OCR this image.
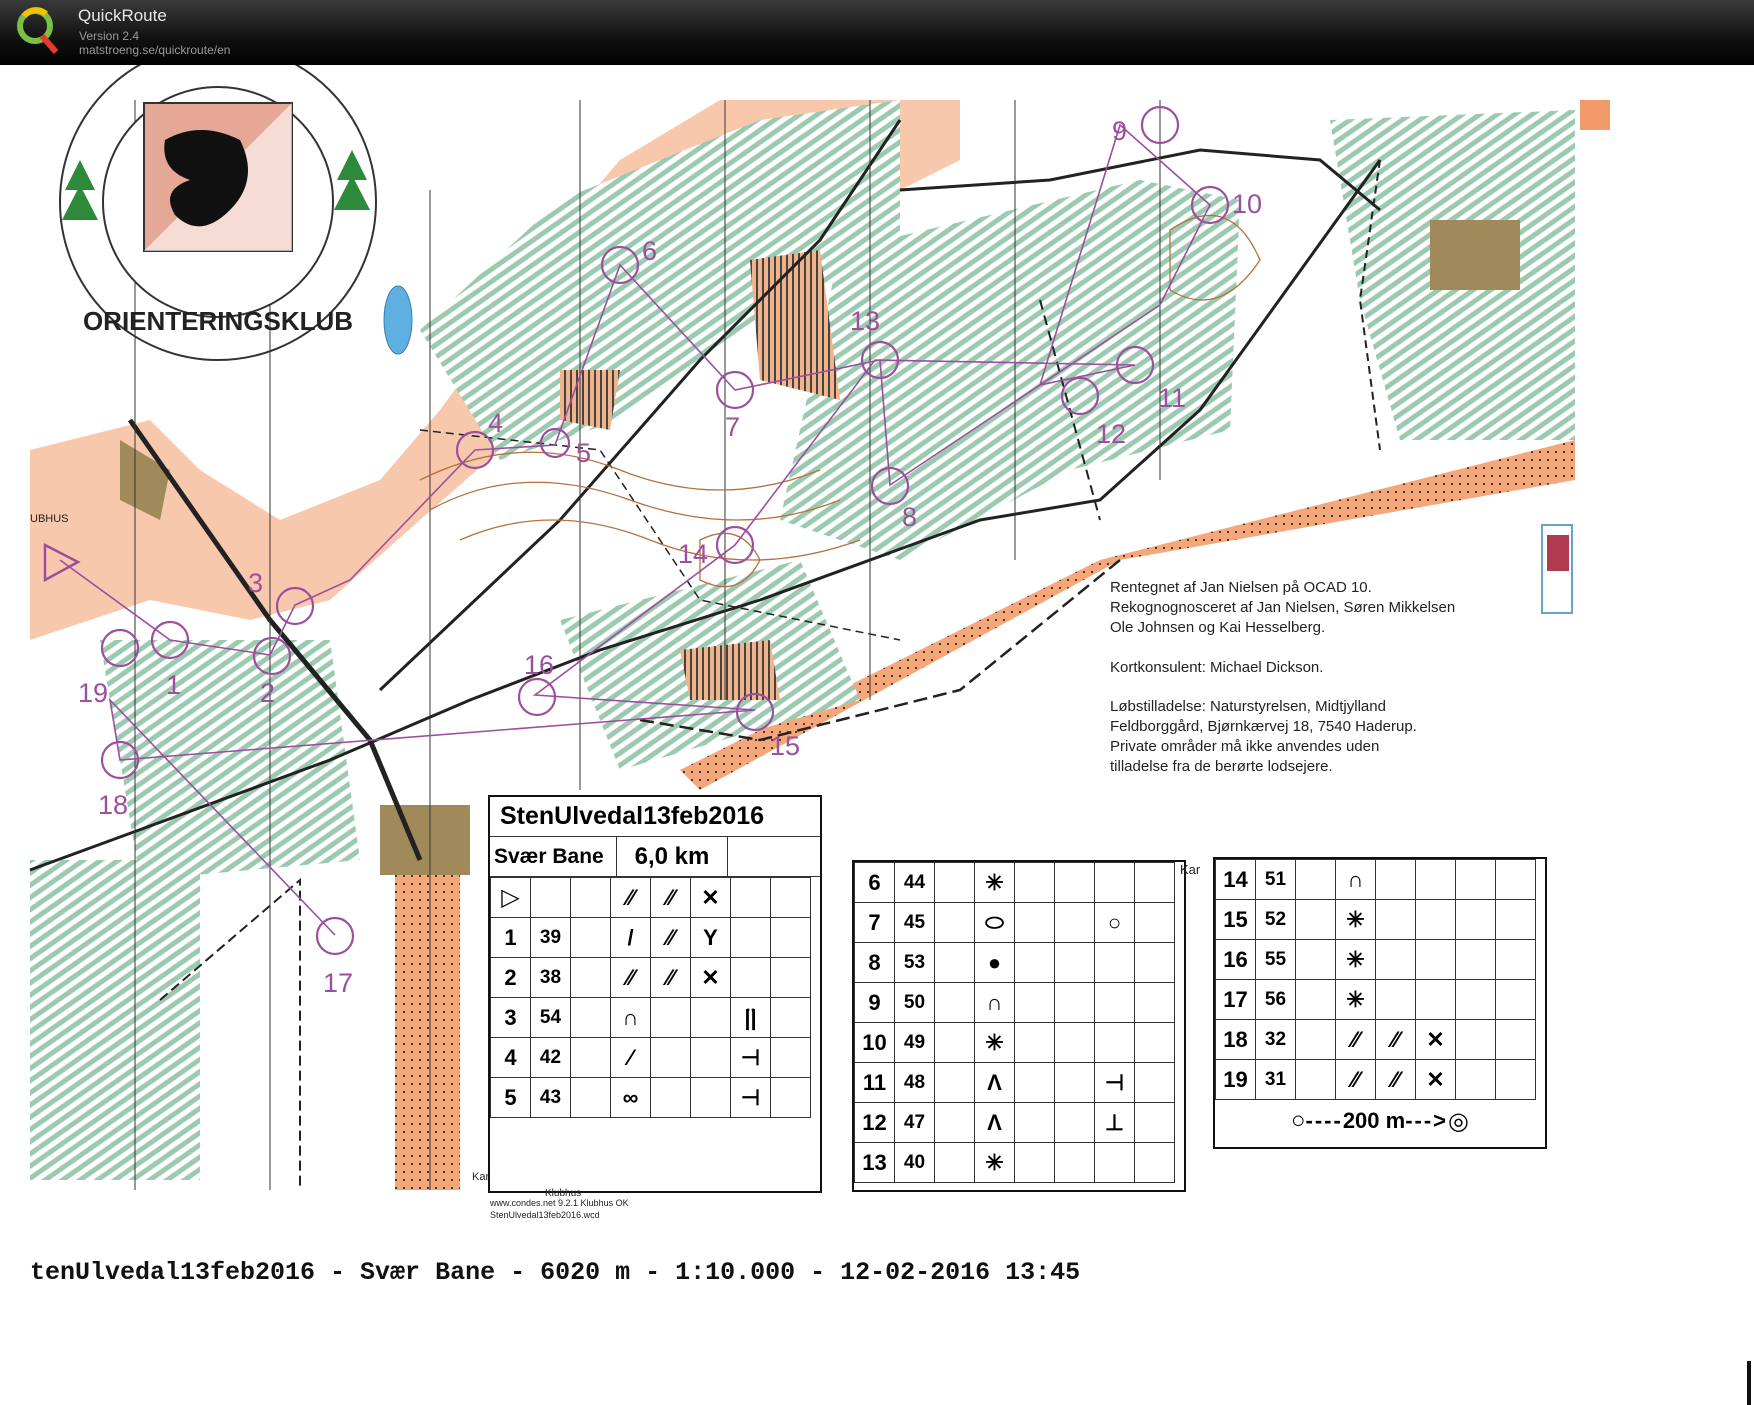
QuickRoute
Version 2.4
matstroeng.se/quickroute/en
1	2
3
4
5
6
7
8
9
10
11
12
13
14
15
16
17
18
19
ORIENTERINGSKLUB
UBHUS
Rentegnet af Jan Nielsen på OCAD 10.
Rekognognosceret af Jan Nielsen, Søren Mikkelsen
Ole Johnsen og Kai Hesselberg.
Kortkonsulent: Michael Dickson.
Løbstilladelse: Naturstyrelsen, Midtjylland
Feldborggård, Bjørnkærvej 18, 7540 Haderup.
Private områder må ikke anvendes uden
tilladelse fra de berørte lodsejere.
StenUlvedal13feb2016
Svær Bane	6,0 km
▷			⁄⁄	⁄⁄	✕		
1	39		/	⁄⁄	Y		
2	38		⁄⁄	⁄⁄	✕		
3	54		∩			|̈|	
4	42		⁄			⊣	
5	43		∞			⊣	
6	44		✳				
7	45		⬭			○	
8	53		●				
9	50		∩				
10	49		✳				
11	48		Λ			⊣	
12	47		Λ			⊥	
13	40		✳				
14	51		∩				
15	52		✳				
16	55		✳				
17	56		✳				
18	32		⁄⁄	⁄⁄	✕		
19	31		⁄⁄	⁄⁄	✕		
○ ---- 200 m ---> ◎
Kar
Kar
Klubhus
www.condes.net 9.2.1 Klubhus OK
StenUlvedal13feb2016.wcd
tenUlvedal13feb2016 - Svær Bane - 6020 m - 1:10.000 - 12-02-2016 13:45
